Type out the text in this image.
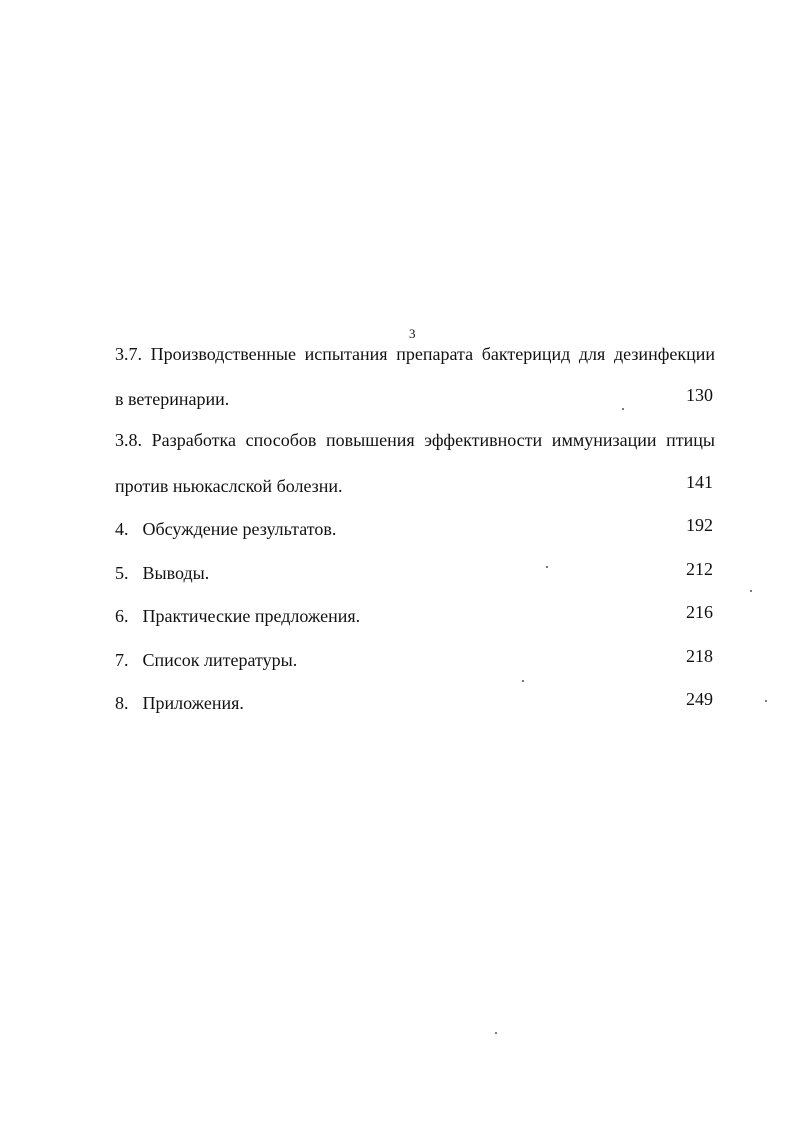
3
3.7. Производственные испытания препарата бактерицид для дезинфекции
в ветеринарии.	130
3.8. Разработка способов повышения эффективности иммунизации птицы
против ньюкаслской болезни.	141
4. Обсуждение результатов.	192
5. Выводы.	212
6. Практические предложения.	216
7. Список литературы.	218
8. Приложения.	249
